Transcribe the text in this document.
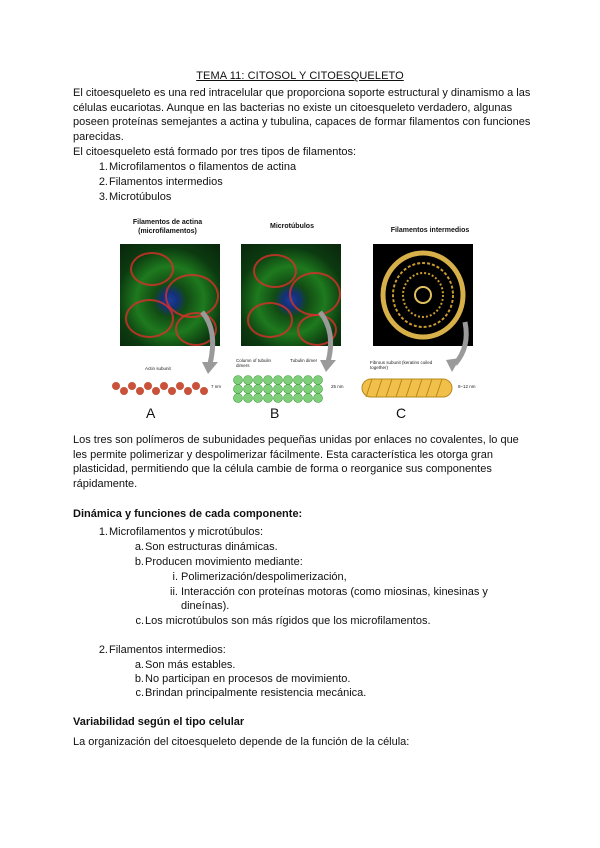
TEMA 11: CITOSOL Y CITOESQUELETO

El citoesqueleto es una red intracelular que proporciona soporte estructural y dinamismo a las células eucariotas. Aunque en las bacterias no existe un citoesqueleto verdadero, algunas poseen proteínas semejantes a actina y tubulina, capaces de formar filamentos con funciones parecidas.

El citoesqueleto está formado por tres tipos de filamentos:
1. Microfilamentos o filamentos de actina
2. Filamentos intermedios
3. Microtúbulos
Filamentos de actina (microfilamentos)
Microtúbulos
Filamentos intermedios
Actin subunit
7 nm
A
Column of tubulin dimers
Tubulin dimer
25 nm
B
Fibrous subunit (keratins coiled together)
8–12 nm
C

Los tres son polímeros de subunidades pequeñas unidas por enlaces no covalentes, lo que les permite polimerizar y despolimerizar fácilmente. Esta característica les otorga gran plasticidad, permitiendo que la célula cambie de forma o reorganice sus componentes rápidamente.

Dinámica y funciones de cada componente:
1. Microfilamentos y microtúbulos:
a. Son estructuras dinámicas.
b. Producen movimiento mediante:
i. Polimerización/despolimerización,
ii. Interacción con proteínas motoras (como miosinas, kinesinas y
dineínas).
c. Los microtúbulos son más rígidos que los microfilamentos.
2. Filamentos intermedios:
a. Son más estables.
b. No participan en procesos de movimiento.
c. Brindan principalmente resistencia mecánica.
Variabilidad según el tipo celular
La organización del citoesqueleto depende de la función de la célula:
